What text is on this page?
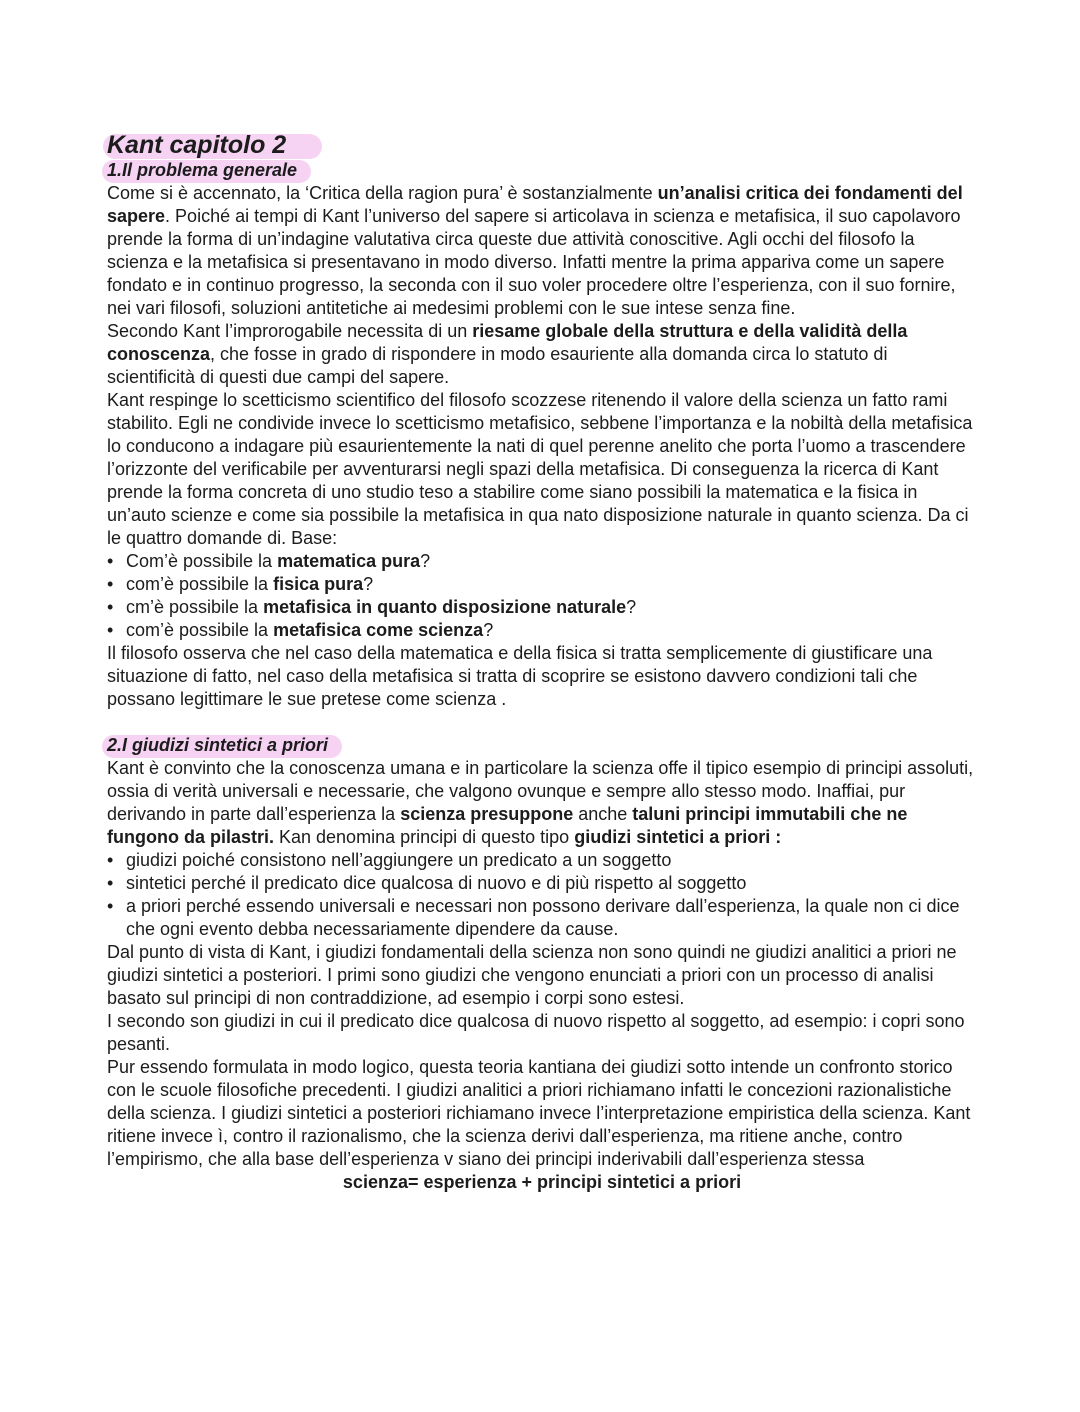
Kant capitolo 2
1.Il problema generale

Come si è accennato, la ‘Critica della ragion pura’ è sostanzialmente un’analisi critica dei fondamenti del sapere. Poiché ai tempi di Kant l’universo del sapere si articolava in scienza e metafisica, il suo capolavoro prende la forma di un’indagine valutativa circa queste due attività conoscitive. Agli occhi del filosofo la scienza e la metafisica si presentavano in modo diverso. Infatti mentre la prima appariva come un sapere fondato e in continuo progresso, la seconda con il suo voler procedere oltre l’esperienza, con il suo fornire, nei vari filosofi, soluzioni antitetiche ai medesimi problemi con le sue intese senza fine.

Secondo Kant l’improrogabile necessita di un riesame globale della struttura e della validità della conoscenza, che fosse in grado di rispondere in modo esauriente alla domanda circa lo statuto di scientificità di questi due campi del sapere.

Kant respinge lo scetticismo scientifico del filosofo scozzese ritenendo il valore della scienza un fatto rami stabilito. Egli ne condivide invece lo scetticismo metafisico, sebbene l’importanza e la nobiltà della metafisica lo conducono a indagare più esaurientemente la nati di quel perenne anelito che porta l’uomo a trascendere l’orizzonte del verificabile per avventurarsi negli spazi della metafisica. Di conseguenza la ricerca di Kant prende la forma concreta di uno studio teso a stabilire come siano possibili la matematica e la fisica in un’auto scienze e come sia possibile la metafisica in qua nato disposizione naturale in quanto scienza. Da ci le quattro domande di. Base:

• Com’è possibile la matematica pura?
• com’è possibile la fisica pura?
• cm’è possibile la metafisica in quanto disposizione naturale?
• com’è possibile la metafisica come scienza?

Il filosofo osserva che nel caso della matematica e della fisica si tratta semplicemente di giustificare una situazione di fatto, nel caso della metafisica si tratta di scoprire se esistono davvero condizioni tali che possano legittimare le sue pretese come scienza .

2.I giudizi sintetici a priori

Kant è convinto che la conoscenza umana e in particolare la scienza offe il tipico esempio di principi assoluti, ossia di verità universali e necessarie, che valgono ovunque e sempre allo stesso modo. Inaffiai, pur derivando in parte dall’esperienza la scienza presuppone anche taluni principi immutabili che ne fungono da pilastri. Kan denomina principi di questo tipo giudizi sintetici a priori :

• giudizi poiché consistono nell’aggiungere un predicato a un soggetto
• sintetici perché il predicato dice qualcosa di nuovo e di più rispetto al soggetto
• a priori perché essendo universali e necessari non possono derivare dall’esperienza, la quale non ci dice che ogni evento debba necessariamente dipendere da cause.

Dal punto di vista di Kant, i giudizi fondamentali della scienza non sono quindi ne giudizi analitici a priori ne giudizi sintetici a posteriori. I primi sono giudizi che vengono enunciati a priori con un processo di analisi basato sul principi di non contraddizione, ad esempio i corpi sono estesi.

I secondo son giudizi in cui il predicato dice qualcosa di nuovo rispetto al soggetto, ad esempio: i copri sono pesanti.

Pur essendo formulata in modo logico, questa teoria kantiana dei giudizi sotto intende un confronto storico con le scuole filosofiche precedenti. I giudizi analitici a priori richiamano infatti le concezioni razionalistiche della scienza. I giudizi sintetici a posteriori richiamano invece l’interpretazione empiristica della scienza. Kant ritiene invece ì, contro il razionalismo, che la scienza derivi dall’esperienza, ma ritiene anche, contro l’empirismo, che alla base dell’esperienza v siano dei principi inderivabili dall’esperienza stessa

scienza= esperienza + principi sintetici a priori
